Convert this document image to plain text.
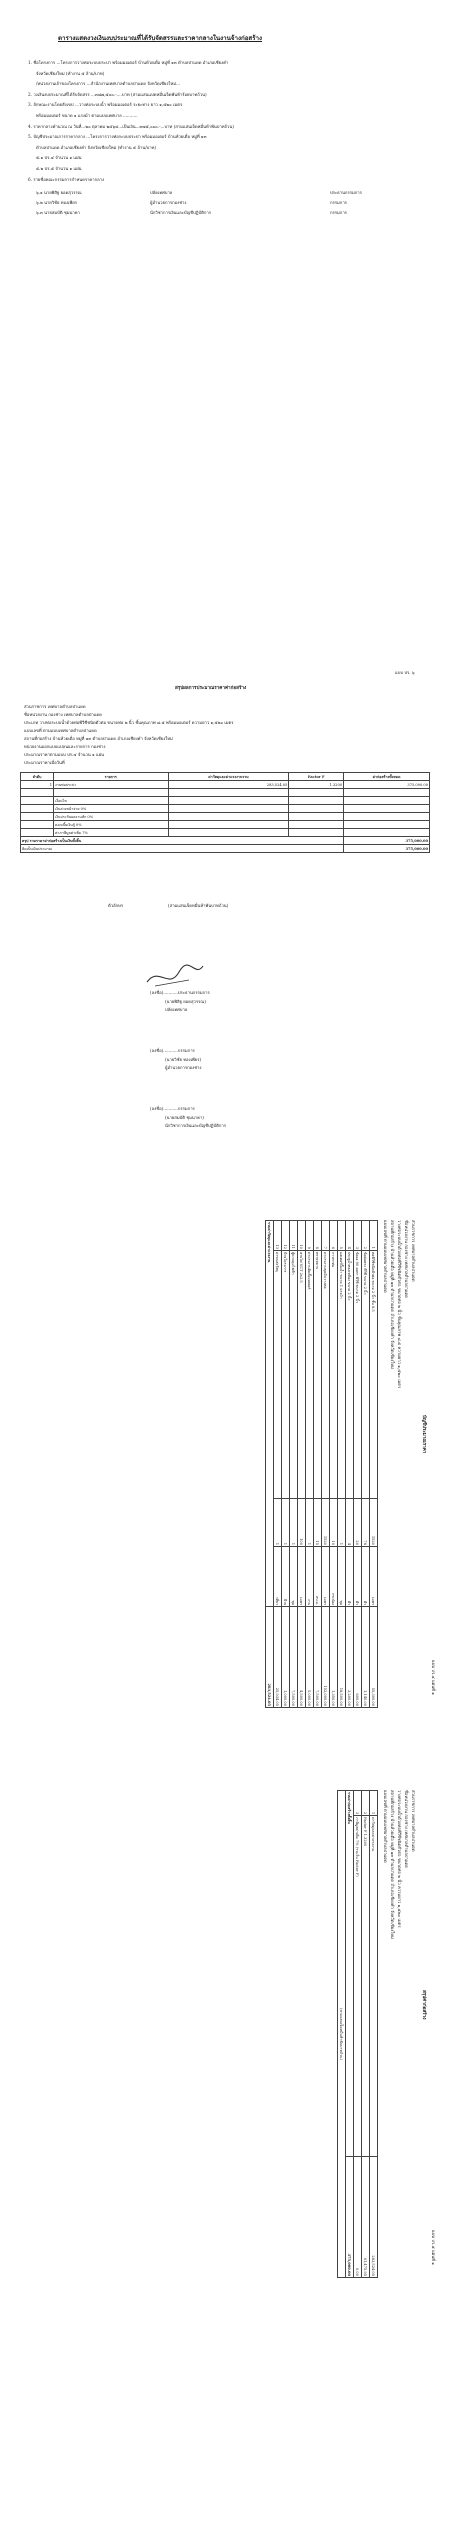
ตารางแสดงวงเงินงบประมาณที่ได้รับจัดสรรและราคากลางในงานจ้างก่อสร้าง
1. ชื่อโครงการ ...โครงการวางท่อระบบประปา พร้อมมอเตอร์ บ้านห้วยเดื่อ หมู่ที่ ๑๓ ตำบลป่าแดด อำเภอเชียงคำ
จังหวัดเชียงใหม่ (ทำงาน ๕ ล้าน/บาท)
/หน่วยงานเจ้าของโครงการ ...สำนักงานเทศบาลตำบลป่าแดด จังหวัดเชียงใหม่...
2. วงเงินงบประมาณที่ได้รับจัดสรร ...๓๘๗,๕๐๐.-....บาท (สามแสนแปดหมื่นเจ็ดพันห้าร้อยบาทถ้วน)
3. ลักษณะงานโดยสังเขป ...วางท่อระบบน้ำ พร้อมมอเตอร์ ระยะทาง ยาว ๑,๕๒๐ เมตร
พร้อมมอเตอร์ ขนาด ๑ แรงม้า ตามแบบเทศบาล ...........
4. ราคากลางคำนวณ ณ วันที่...๒๐ ตุลาคม ๒๕๖๔...เป็นเงิน...๓๗๕,๐๐๐.-...บาท (สามแสนเจ็ดหมื่นห้าพันบาทถ้วน)
5. บัญชีประมาณการราคากลาง ...โครงการวางท่อระบบประปา พร้อมมอเตอร์ บ้านห้วยเดื่อ หมู่ที่ ๑๓
ตำบลป่าแดด อำเภอเชียงคำ จังหวัดเชียงใหม่ (ทำงาน ๕ ล้าน/บาท)
๕.๑ ปร.๔ จำนวน ๑ แผ่น
๕.๒ ปร.๕ จำนวน ๑ แผ่น
6. รายชื่อคณะกรรมการกำหนดราคากลาง
๖.๑ นายพิสิฐ ยอดสุวรรณ	ปลัดเทศบาล	ประธานกรรมการ
๖.๒ นายวิชัย ทองเพียร	ผู้อำนวยการกองช่าง	กรรมการ
๖.๓ นายสมบัติ ชุมนาคา	นักวิชาการเงินและบัญชีปฏิบัติการ	กรรมการ
แบบ ปร. ๖
สรุปผลการประมาณราคาค่าก่อสร้าง
ส่วนราชการ เทศบาลตำบลป่าแดด
ชื่อหน่วยงาน กองช่าง เทศบาลตำบลป่าแดด
ประเภท วางท่อระบบน้ำด้วยท่อพีวีซีชนิดตัวต่อ ขนาดท่อ ๒ นิ้ว ชั้นคุณภาพ ๘.๕ พร้อมมอเตอร์ ความยาว ๑,๕๒๐ เมตร
แบบเลขที่ ตามแบบเทศบาลตำบลป่าแดด
สถานที่ก่อสร้าง บ้านห้วยเดื่อ หมู่ที่ ๑๓ ตำบลป่าแดด อำเภอเชียงคำ จังหวัดเชียงใหม่
หน่วยงานออกแบบแปลนและรายการ กองช่าง
ประมาณราคาตามแบบ ปร.๔ จำนวน ๑ แผ่น
ประมาณราคาเมื่อวันที่
ลำดับ	รายการ	ค่าวัสดุและค่าแรงงานรวม	Factor F	ค่าก่อสร้างทั้งหมด
1	งานท่อประปา	283,524.05	1.3200	375,000.00

	เงื่อนไข			
	เงินล่วงหน้าจ่าย 0%			
	เงินประกันผลงานหัก 0%			
	ดอกเบี้ยเงินกู้ 0%			
	ค่าภาษีมูลค่าเพิ่ม 7%			
สรุป รวมราคาค่าก่อสร้างเป็นเงินทั้งสิ้น				375,000.00
คิดเป็นเงินประมาณ				375,000.00
ตัวอักษร	(สามแสนเจ็ดหมื่นห้าพันบาทถ้วน)
(ลงชื่อ)...........ประธานกรรมการ
(นายพิสิฐ ยอดสุวรรณ)
ปลัดเทศบาล
(ลงชื่อ)...........กรรมการ
(นายวิชัย ทองเพียร)
ผู้อำนวยการกองช่าง
(ลงชื่อ)...........กรรมการ
(นายสมบัติ ชุมนาคา)
นักวิชาการเงินและบัญชีปฏิบัติการ
แบบ ปร.๔ แผ่นที่ ๑
บัญชีประมาณราคา
ส่วนราชการ เทศบาลตำบลป่าแดด
ชื่อหน่วยงาน กองช่าง เทศบาลตำบลป่าแดด
วางท่อระบบน้ำด้วยท่อพีวีซีชนิดตัวต่อ ขนาดท่อ ๒ นิ้ว ชั้นคุณภาพ ๘.๕ ความยาว ๑,๕๒๐ เมตร
สถานที่ก่อสร้าง บ้านห้วยเดื่อ หมู่ที่ ๑๓ ตำบลป่าแดด อำเภอเชียงคำ จังหวัดเชียงใหม่
แบบเลขที่ ตามแบบเทศบาลตำบลป่าแดด
1	ท่อพีวีซีชนิดตัวต่อ ขนาด 2 นิ้ว ชั้น 8.5	1520	เมตร	55,300.00
2	ข้อต่อตรง พีวีซี ขนาด 2 นิ้ว	76	ตัว	1,140.00
3	ข้องอ 90 องศา พีวีซี ขนาด 2 นิ้ว	20	ตัว	600.00
4	ประตูน้ำทองเหลือง ขนาด 2 นิ้ว	4	ตัว	3,200.00
5	มอเตอร์ปั๊มน้ำ ขนาด 1 แรงม้า	1	ชุด	18,500.00
6	กาวทาท่อ	10	กระป๋อง	1,350.00
7	ค่าแรงงานขุดดินวางท่อ	1520	เมตร	152,000.00
8	ทรายหยาบ	15	ลบ.ม.	7,500.00
9	ค่าแรงงานติดตั้งมอเตอร์	1	งาน	5,000.00
10	สายไฟ VCT 2x2.5	100	เมตร	4,500.00
11	ตู้ควบคุมไฟฟ้า	1	ชุด	7,500.00
12	ป้ายโครงการ	1	ป้าย	1,000.00
13	ค่าขนส่งวัสดุ	1	เที่ยว	25,934.05
รวมค่าวัสดุและค่าแรงงาน				283,524.05
แบบ ปร.๕ แผ่นที่ ๑
สรุปค่าก่อสร้าง
ส่วนราชการ เทศบาลตำบลป่าแดด
ชื่อหน่วยงาน กองช่าง เทศบาลตำบลป่าแดด
วางท่อระบบน้ำด้วยท่อพีวีซีชนิดตัวต่อ ขนาดท่อ ๒ นิ้ว ความยาว ๑,๕๒๐ เมตร
สถานที่ก่อสร้าง บ้านห้วยเดื่อ หมู่ที่ ๑๓ ตำบลป่าแดด อำเภอเชียงคำ จังหวัดเชียงใหม่
แบบเลขที่ ตามแบบเทศบาลตำบลป่าแดด
1	ค่าวัสดุและค่าแรงงาน	283,524.05
2	Factor F 1.3200	91,475.95
3	ภาษีมูลค่าเพิ่ม 7% (รวมใน Factor F)	0.00
รวมค่าก่อสร้างทั้งสิ้น		375,000.00
(สามแสนเจ็ดหมื่นห้าพันบาทถ้วน)		
